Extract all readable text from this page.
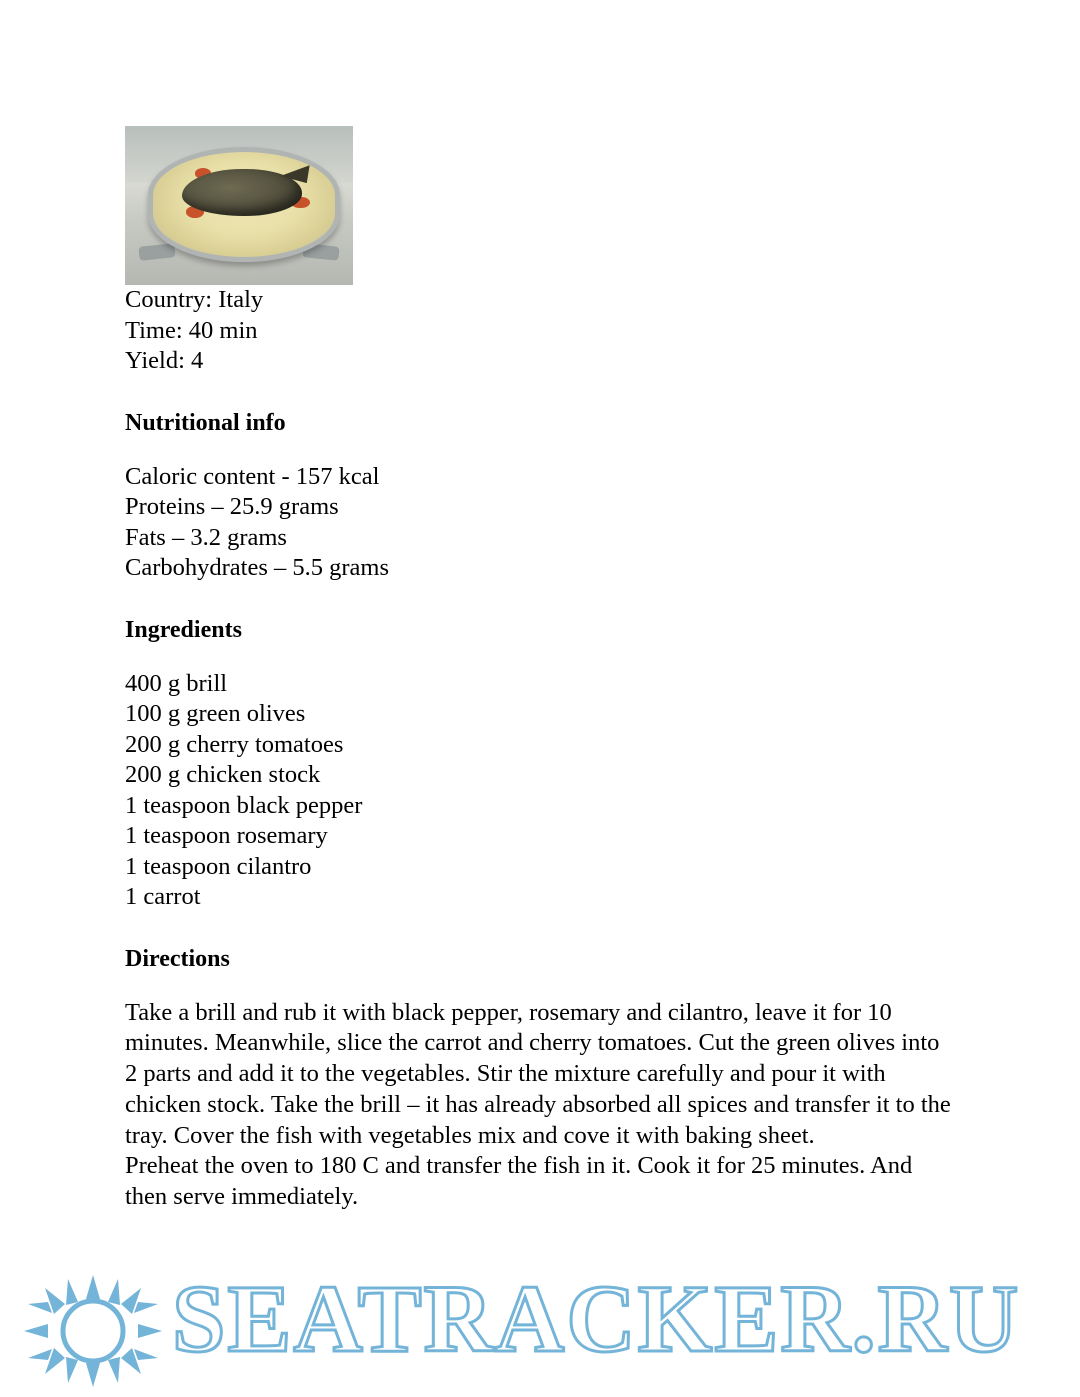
Country: Italy
Time: 40 min
Yield: 4
Nutritional info
Caloric content - 157 kcal
Proteins – 25.9 grams
Fats – 3.2 grams
Carbohydrates – 5.5 grams
Ingredients
400 g brill
100 g green olives
200 g cherry tomatoes
200 g chicken stock
1 teaspoon black pepper
1 teaspoon rosemary
1 teaspoon cilantro
1 carrot
Directions

Take a brill and rub it with black pepper, rosemary and cilantro, leave it for 10 minutes. Meanwhile, slice the carrot and cherry tomatoes. Cut the green olives into 2 parts and add it to the vegetables. Stir the mixture carefully and pour it with chicken stock. Take the brill – it has already absorbed all spices and transfer it to the tray. Cover the fish with vegetables mix and cove it with baking sheet.

Preheat the oven to 180 C and transfer the fish in it. Cook it for 25 minutes. And then serve immediately.

SEATRACKER.RU
